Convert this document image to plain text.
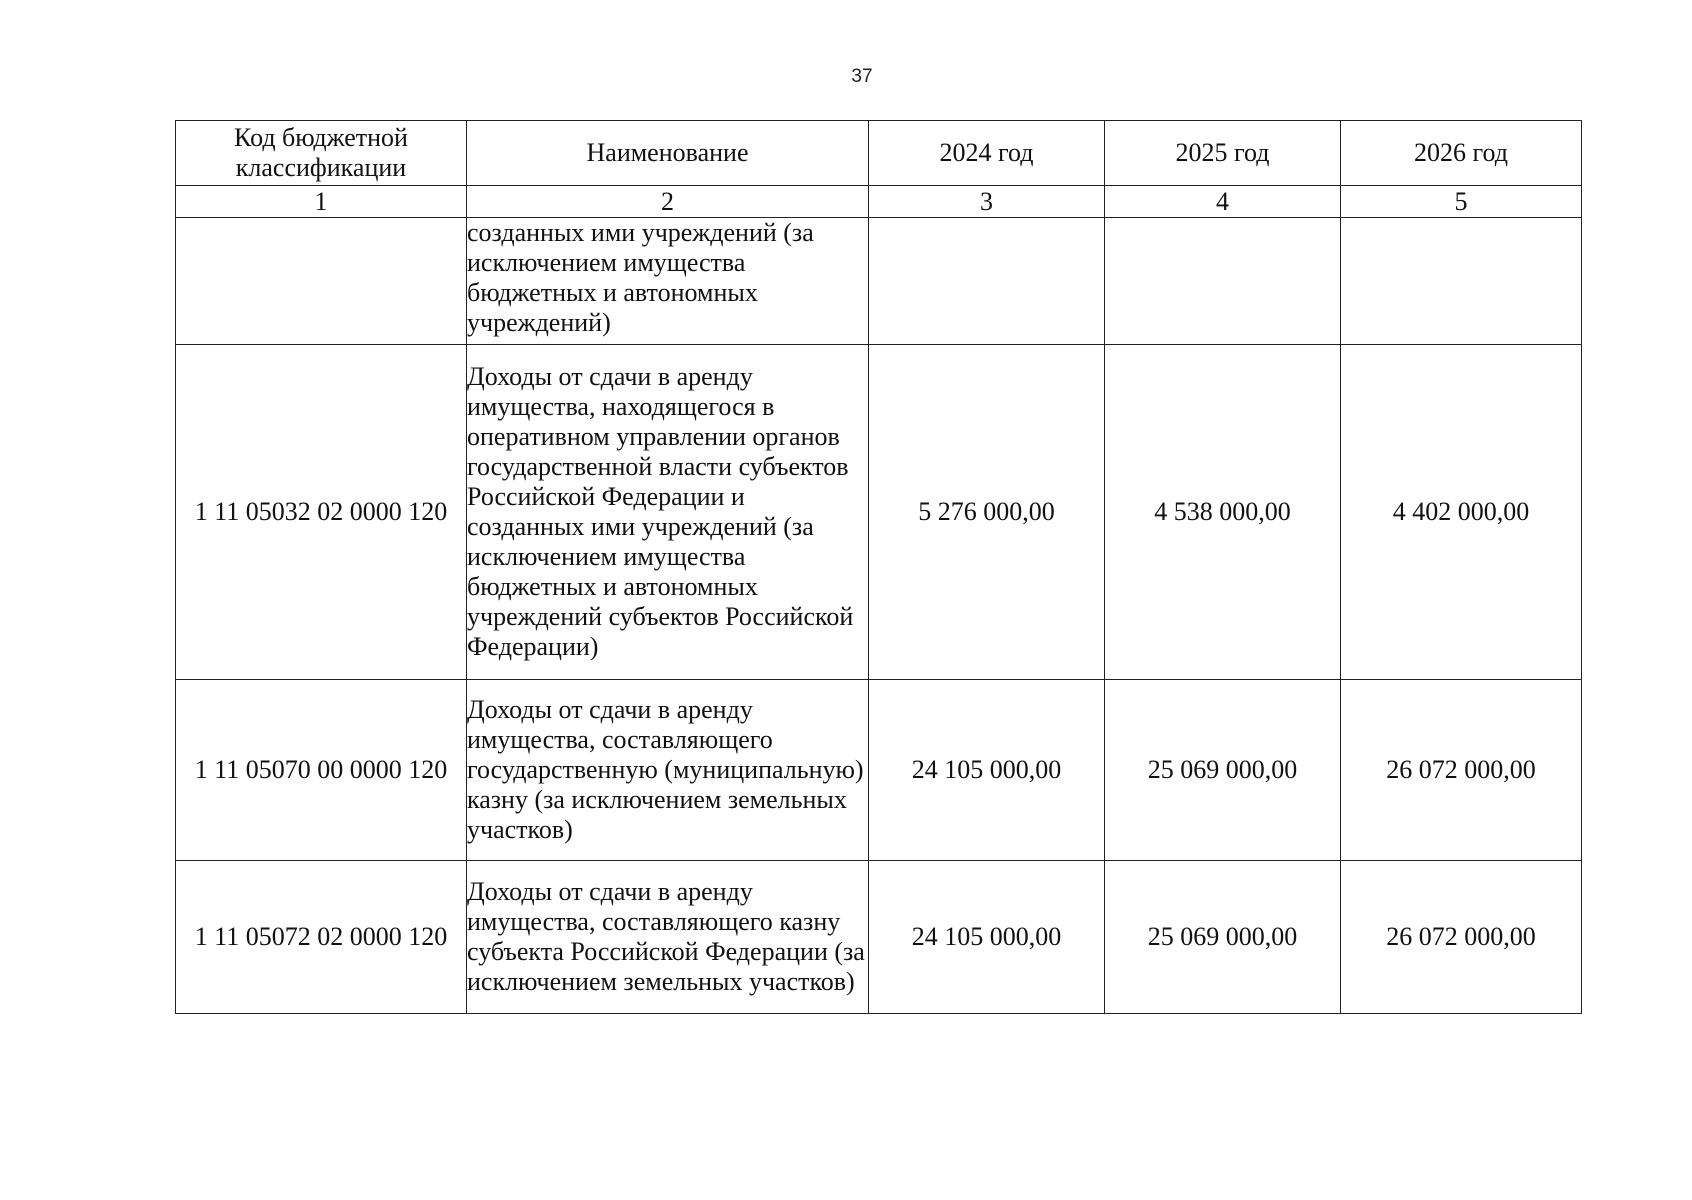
37
Код бюджетной классификации	Наименование	2024 год	2025 год	2026 год
1	2	3	4	5
	созданных ими учреждений (за исключением имущества бюджетных и автономных учреждений)			
1 11 05032 02 0000 120	Доходы от сдачи в аренду имущества, находящегося в оперативном управлении органов государственной власти субъектов Российской Федерации и созданных ими учреждений (за исключением имущества бюджетных и автономных учреждений субъектов Российской Федерации)	5 276 000,00	4 538 000,00	4 402 000,00
1 11 05070 00 0000 120	Доходы от сдачи в аренду имущества, составляющего государственную (муниципальную) казну (за исключением земельных участков)	24 105 000,00	25 069 000,00	26 072 000,00
1 11 05072 02 0000 120	Доходы от сдачи в аренду имущества, составляющего казну субъекта Российской Федерации (за исключением земельных участков)	24 105 000,00	25 069 000,00	26 072 000,00
